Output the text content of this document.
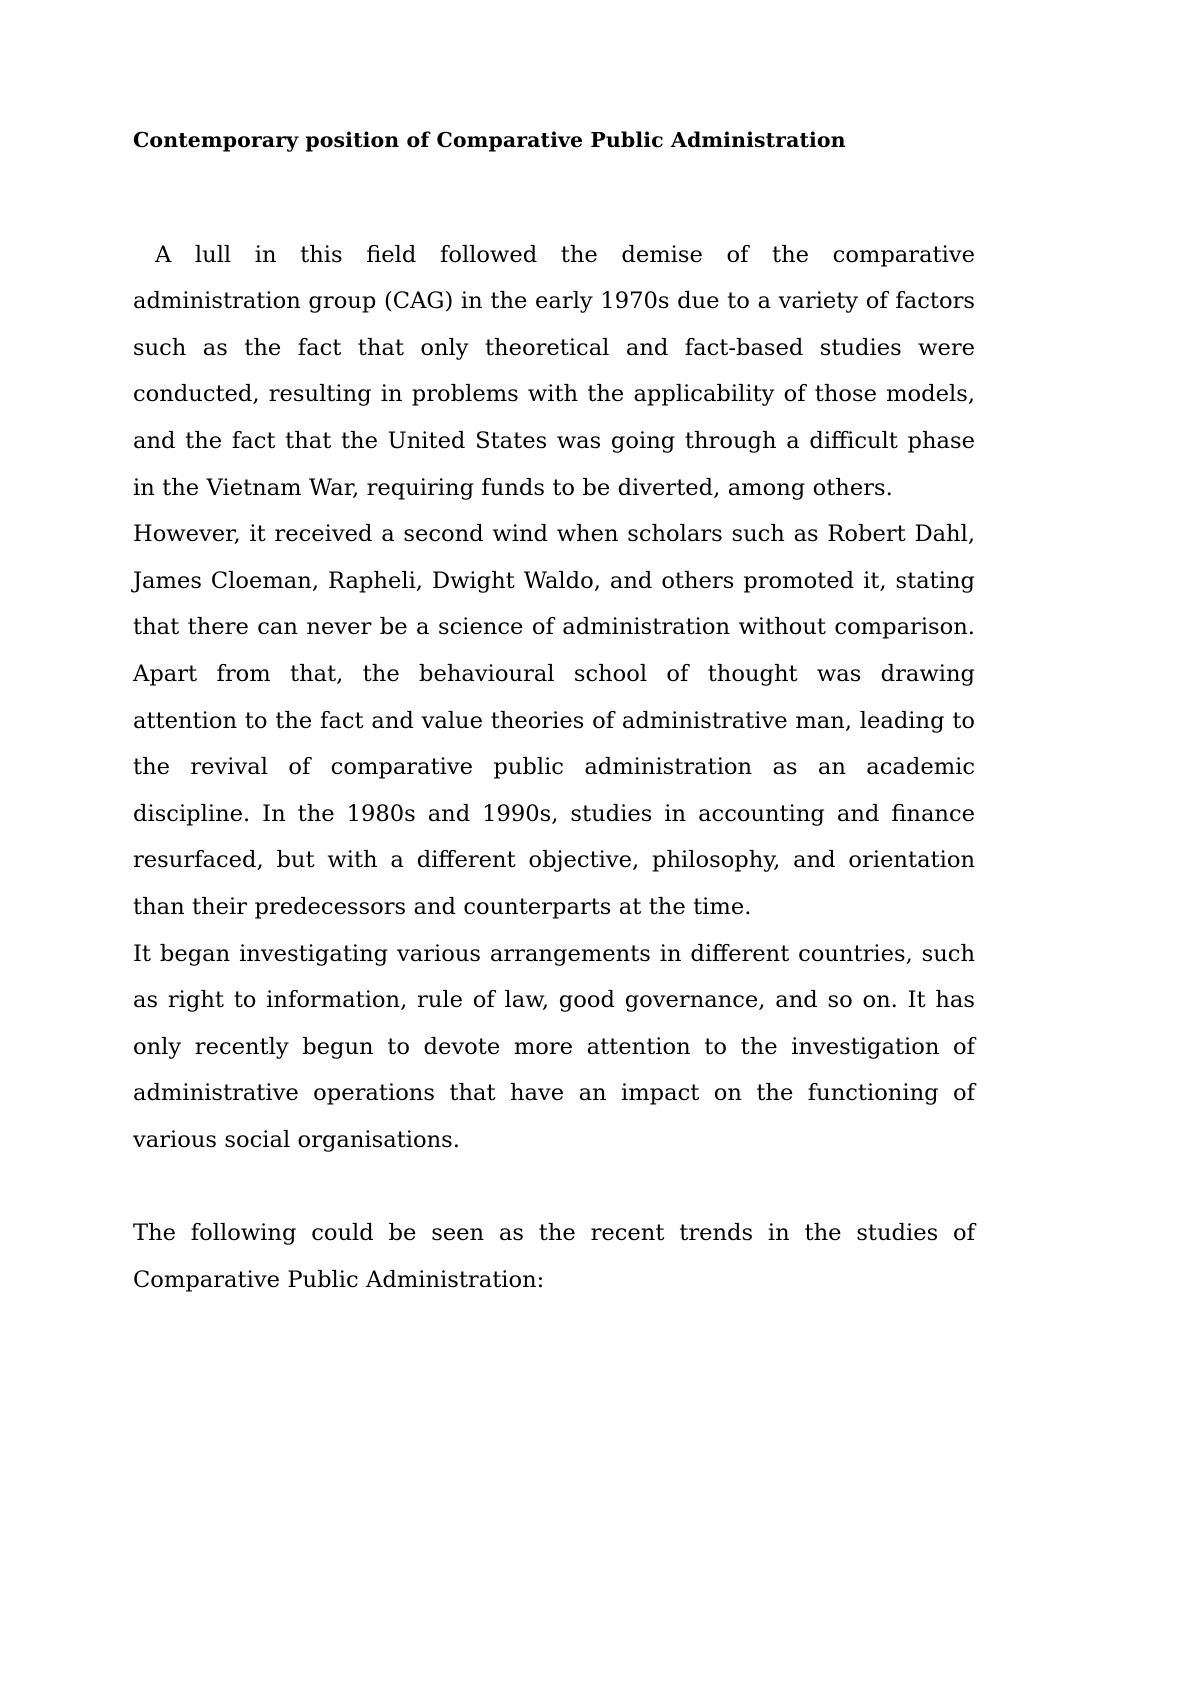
Contemporary position of Comparative Public Administration

A lull in this field followed the demise of the comparative administration group (CAG) in the early 1970s due to a variety of factors such as the fact that only theoretical and fact-based studies were conducted, resulting in problems with the applicability of those models, and the fact that the United States was going through a difficult phase in the Vietnam War, requiring funds to be diverted, among others.

However, it received a second wind when scholars such as Robert Dahl, James Cloeman, Rapheli, Dwight Waldo, and others promoted it, stating that there can never be a science of administration without comparison. Apart from that, the behavioural school of thought was drawing attention to the fact and value theories of administrative man, leading to the revival of comparative public administration as an academic discipline. In the 1980s and 1990s, studies in accounting and finance resurfaced, but with a different objective, philosophy, and orientation than their predecessors and counterparts at the time.

It began investigating various arrangements in different countries, such as right to information, rule of law, good governance, and so on. It has only recently begun to devote more attention to the investigation of administrative operations that have an impact on the functioning of various social organisations.

The following could be seen as the recent trends in the studies of Comparative Public Administration:
